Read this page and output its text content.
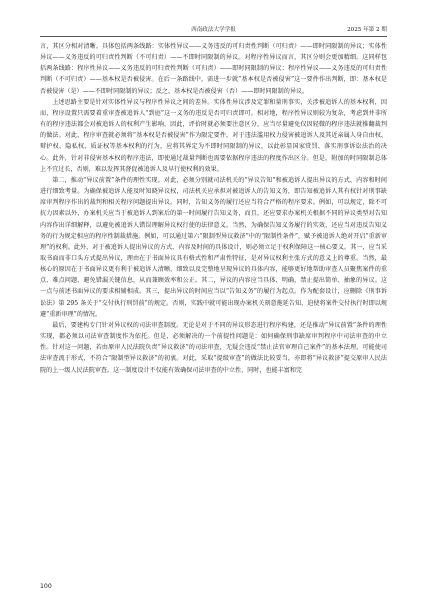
西南政法大学学报	2025 年第 2 期

言，其区分相对清晰。具体包括两条线路：实体性异议——义务违反的可归责性判断（可归责）——即时同限制的异议；实体性异议——义务违反的可归责性判断（不可归责）——不即时同限制的异议。对程序性异议而言，其区分则会更加精细。这同样包括两条线路：程序性异议——义务违反的可归责性判断（可归责）——即时同限制的异议；程序性异议——义务违反的可归责性判断（不可归责）——基本权是否被侵害。在后一条路线中，需进一步就“基本权是否被侵害”这一要件作出判断，即：基本权是否被侵害（是）——不即时同限制的异议；反之，基本权是否被侵害（否）——即时同限制的异议。

上述思路主要是针对实体性异议与程序性异议之间的差异。实体性异议涉及定罪和量刑事实，关涉被追诉人的基本权利，因而，程序设置只需要着重审查被追诉人“到庭”这一义务的违反是否可归责即可。相对地，程序性异议则较为复杂，考虑到并非所有的程序违法都会对被追诉人的权利产生影响，因此，评价时就必须要注意区分，应当尽量避免仅因轻微的程序违法就推翻裁判的做法。对此，程序审查就必须将“基本权是否被侵害”作为限定要件，对于违法滥用权力侵害被追诉人及其近亲属人身自由权、辩护权、隐私权、质证权等基本权利的行为，应将其界定为不即时同限制的异议，以此彰显国家赏罚、落实刑事诉讼法治的决心。此外，针对非侵害基本权的程序违法，即使通过裁量判断也需要依据程序违法的程度作出区分。但是，附加的时同限制总体上不宜过长，否则，难以发挥其督促被追诉人及早行使权利的效果。

第二，推动“异议前置”条件的理性实现。对此，必须分别就司法机关的“异议告知”和被追诉人提出异议的方式、内容和时间进行细致考量。为确保被追诉人能及时知晓异议权，司法机关应承担对被追诉人的告知义务，即告知被追诉人其有权针对刑事缺席审判程序作出的裁判和相关程序问题提出异议。同时，告知义务的履行还应当符合严格的程序要求。例如，可以规定，除不可抗力因素以外，办案机关应当于被追诉人到案后的第一时间履行告知义务，而且，还应要求办案机关根据不同的异议类型对告知内容作出详细解释，以避免被追诉人错误理解异议权行使的法律意义。当然，为确保告知义务履行的实效，还应当对违反告知义务的行为规定相应的程序性制裁措施。例如，可以通过第六“限制型异议救济”中的“限制性条件”，赋予被追诉人绝对开启“重新审理”的权利。此外，对于被追诉人提出异议的方式、内容及时间的具体设计，则必须立足于权利保障这一核心要义。其一，应当采取书面而非口头方式提出异议，理由在于书面异议具有格式性和严肃性特征，是对异议权利主张方式的意义上的尊重。当然，最核心的原因在于书面异议更有利于被追诉人清晰、细致以及完整地呈现异议的具体内容，能够更好地帮助审查人员聚焦案件的重点、难点问题，避免错漏关键信息，从而兼顾效率和公正。其二，异议的内容应当具体、明确，禁止提出简单、抽象的异议。这一点与前述书面异议的要求相辅相成。其三，提出异议的时间应当以“告知义务”的履行为起点。作为配套设计，应删除《刑事诉讼法》第 295 条关于“交付执行刑罚前”的规定。否则，实践中就可能出现办案机关刻意拖延告知，迫使将案件交付执行时即以规避“重新审理”的情况。

最后，要建构专门针对异议权的司法审查制度。无论是对于不同的异议形态进行程序构建，还是推动“异议前置”条件的理性实现，都必须以司法审查制度作为依托。但是，必须解决的一个前提性问题是：如何确保刑事缺席审判程序中司法审查的中立性。针对这一问题，若由原审人民法院负责“异议救济”的司法审查，无疑会违反“禁止法官审理自己案件”的基本法理，可能使司法审查流于形式，不符合“限制型异议救济”的初衷。对此，采取“提级审查”的做法比较妥当，亦即将“异议救济”提交原审人民法院的上一级人民法院审查。这一制度设计不仅能有效确保司法审查的中立性，同时，也能丰富和完

100
